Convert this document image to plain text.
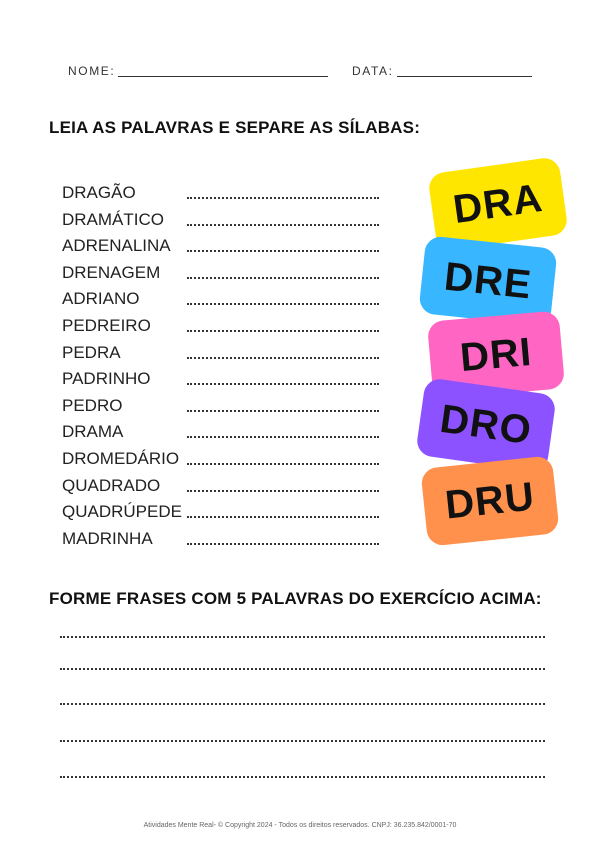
NOME:	DATA:
LEIA AS PALAVRAS E SEPARE AS SÍLABAS:
DRAGÃO
DRAMÁTICO
ADRENALINA
DRENAGEM
ADRIANO
PEDREIRO
PEDRA
PADRINHO
PEDRO
DRAMA
DROMEDÁRIO
QUADRADO
QUADRÚPEDE
MADRINHA
DRA
DRE
DRI
DRO
DRU
FORME FRASES COM 5 PALAVRAS DO EXERCÍCIO ACIMA:
Atividades Mente Real- © Copyright 2024 - Todos os direitos reservados. CNPJ: 36.235.842/0001-70
